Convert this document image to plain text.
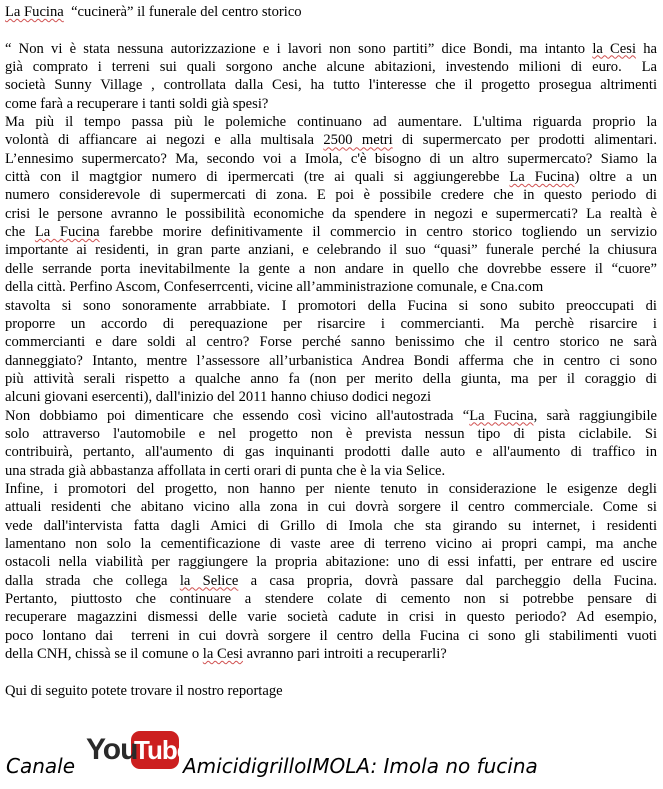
La Fucina  “cucinerà” il funerale del centro storico
“ Non vi è stata nessuna autorizzazione e i lavori non sono partiti” dice Bondi, ma intanto la Cesi ha
già comprato i terreni sui quali sorgono anche alcune abitazioni, investendo milioni di euro.  La
società Sunny Village , controllata dalla Cesi, ha tutto l'interesse che il progetto prosegua altrimenti
come farà a recuperare i tanti soldi già spesi?
Ma più il tempo passa più le polemiche continuano ad aumentare. L'ultima riguarda proprio la
volontà di affiancare ai negozi e alla multisala 2500 metri di supermercato per prodotti alimentari.
L’ennesimo supermercato? Ma, secondo voi a Imola, c'è bisogno di un altro supermercato? Siamo la
città con il magtgior numero di ipermercati (tre ai quali si aggiungerebbe La Fucina) oltre a un
numero considerevole di supermercati di zona. E poi è possibile credere che in questo periodo di
crisi le persone avranno le possibilità economiche da spendere in negozi e supermercati? La realtà è
che La Fucina farebbe morire definitivamente il commercio in centro storico togliendo un servizio
importante ai residenti, in gran parte anziani, e celebrando il suo “quasi” funerale perché la chiusura
delle serrande porta inevitabilmente la gente a non andare in quello che dovrebbe essere il “cuore”
della città. Perfino Ascom, Confeserrcenti, vicine all’amministrazione comunale, e Cna.com
stavolta si sono sonoramente arrabbiate. I promotori della Fucina si sono subito preoccupati di
proporre un accordo di perequazione per risarcire i commercianti. Ma perchè risarcire i
commercianti e dare soldi al centro? Forse perché sanno benissimo che il centro storico ne sarà
danneggiato? Intanto, mentre l’assessore all’urbanistica Andrea Bondi afferma che in centro ci sono
più attività serali rispetto a qualche anno fa (non per merito della giunta, ma per il coraggio di
alcuni giovani esercenti), dall'inizio del 2011 hanno chiuso dodici negozi
Non dobbiamo poi dimenticare che essendo così vicino all'autostrada “La Fucina, sarà raggiungibile
solo attraverso l'automobile e nel progetto non è prevista nessun tipo di pista ciclabile. Si
contribuirà, pertanto, all'aumento di gas inquinanti prodotti dalle auto e all'aumento di traffico in
una strada già abbastanza affollata in certi orari di punta che è la via Selice.
Infine, i promotori del progetto, non hanno per niente tenuto in considerazione le esigenze degli
attuali residenti che abitano vicino alla zona in cui dovrà sorgere il centro commerciale. Come si
vede dall'intervista fatta dagli Amici di Grillo di Imola che sta girando su internet, i residenti
lamentano non solo la cementificazione di vaste aree di terreno vicino ai propri campi, ma anche
ostacoli nella viabilità per raggiungere la propria abitazione: uno di essi infatti, per entrare ed uscire
dalla strada che collega la Selice a casa propria, dovrà passare dal parcheggio della Fucina.
Pertanto, piuttosto che continuare a stendere colate di cemento non si potrebbe pensare di
recuperare magazzini dismessi delle varie società cadute in crisi in questo periodo? Ad esempio,
poco lontano dai  terreni in cui dovrà sorgere il centro della Fucina ci sono gli stabilimenti vuoti
della CNH, chissà se il comune o la Cesi avranno pari introiti a recuperarli?
Qui di seguito potete trovare il nostro reportage
Canale You
Tube
AmicidigrilloIMOLA: Imola no fucina
